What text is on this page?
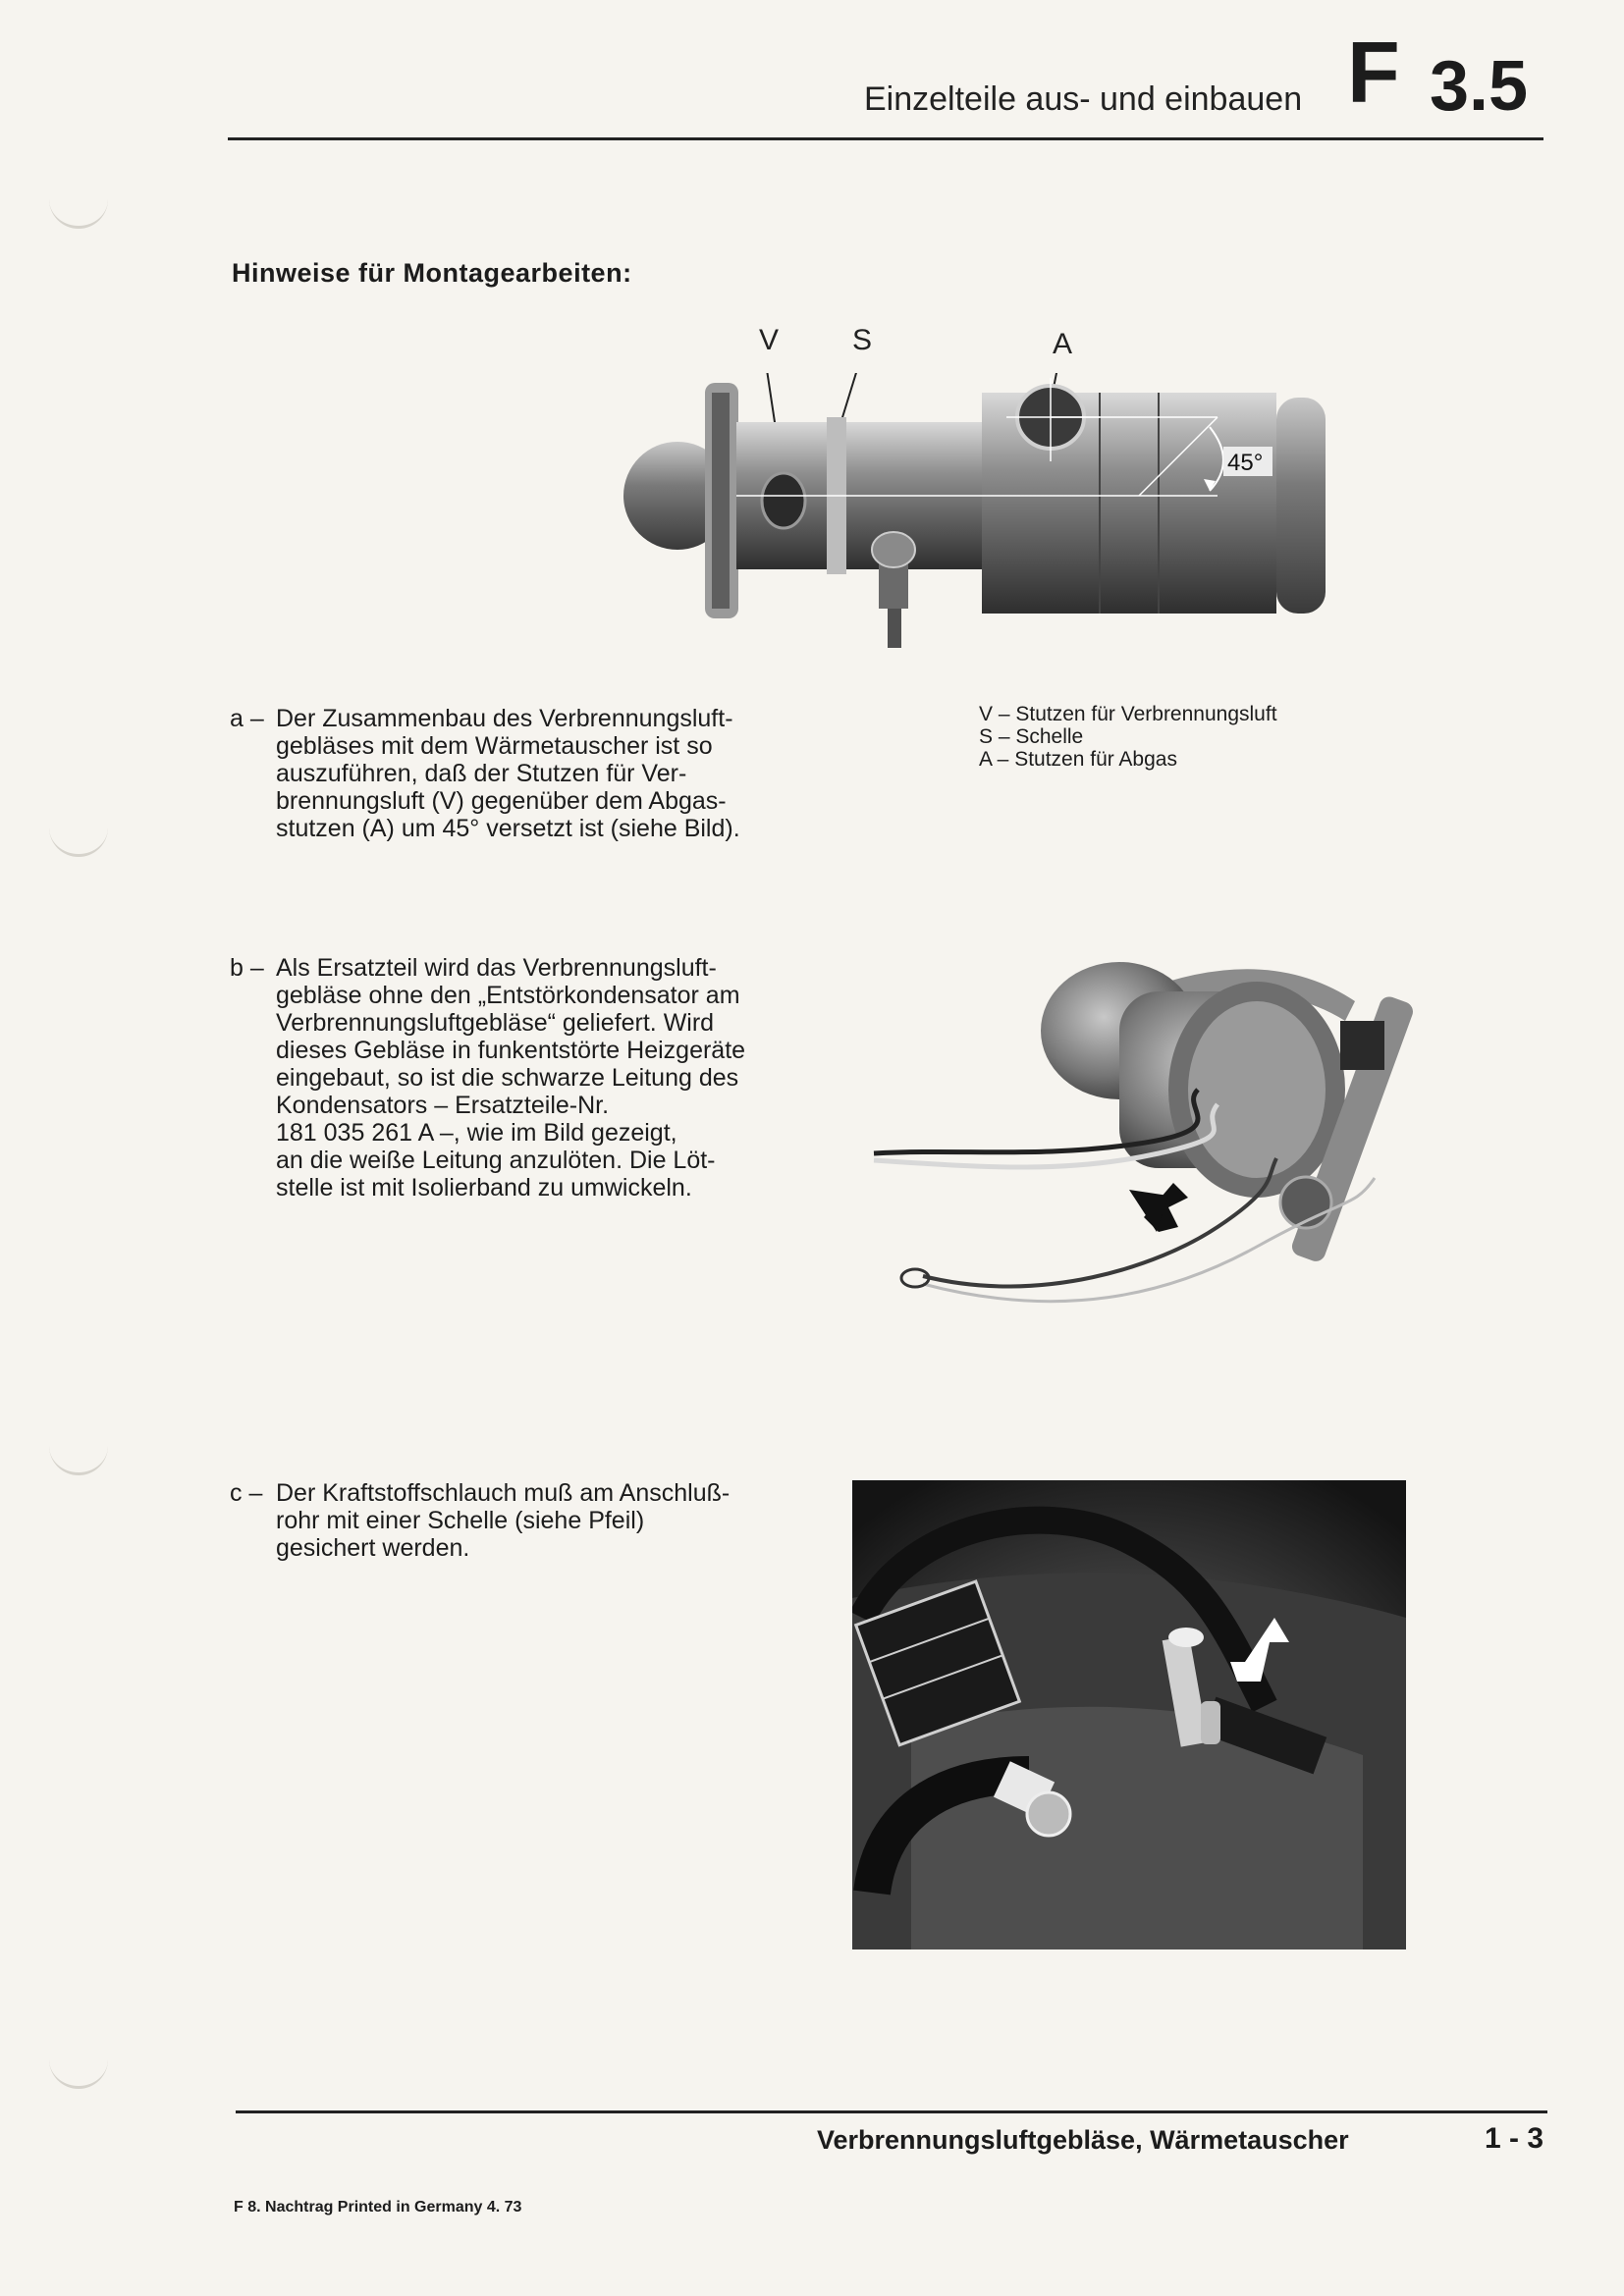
Einzelteile aus- und einbauen F 3.5
Hinweise für Montagearbeiten:
V S	A
45°
a – Der Zusammenbau des Verbrennungsluft-
gebläses mit dem Wärmetauscher ist so
auszuführen, daß der Stutzen für Ver-
brennungsluft (V) gegenüber dem Abgas-
stutzen (A) um 45° versetzt ist (siehe Bild).
V – Stutzen für Verbrennungsluft
S – Schelle
A – Stutzen für Abgas
b – Als Ersatzteil wird das Verbrennungsluft-
gebläse ohne den „Entstörkondensator am
Verbrennungsluftgebläse“ geliefert. Wird
dieses Gebläse in funkentstörte Heizgeräte
eingebaut, so ist die schwarze Leitung des
Kondensators – Ersatzteile-Nr.
181 035 261 A –, wie im Bild gezeigt,
an die weiße Leitung anzulöten. Die Löt-
stelle ist mit Isolierband zu umwickeln.
c – Der Kraftstoffschlauch muß am Anschluß-
rohr mit einer Schelle (siehe Pfeil)
gesichert werden.
Verbrennungsluftgebläse, Wärmetauscher	1 - 3
F 8. Nachtrag Printed in Germany 4. 73
